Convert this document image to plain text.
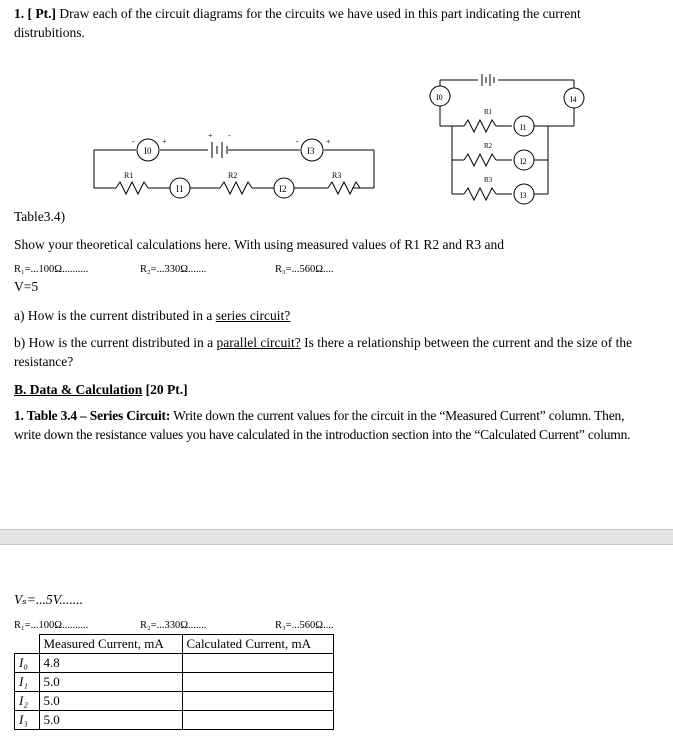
1. [ Pt.] Draw each of the circuit diagrams for the circuits we have used in this part indicating the current distrubitions.
I0	I3
-	+
+ -
-	+
R1
I1
R2
I2
R3
I0	I4
R1
I1
R2
I2
R3
I3
Table3.4)
Show your theoretical calculations here. With using measured values of R1 R2 and R3 and
R₁=...100Ω..........	R₂=...330Ω.......	R₃=...560Ω....
V=5
a) How is the current distributed in a series circuit?
b) How is the current distributed in a parallel circuit? Is there a relationship between the current and the size of the resistance?
B. Data & Calculation [20 Pt.]
1. Table 3.4 – Series Circuit: Write down the current values for the circuit in the “Measured Current” column. Then, write down the resistance values you have calculated in the introduction section into the “Calculated Current” column.
Vₛ=...5V.......
R₁=...100Ω..........	R₂=...330Ω.......	R₃=...560Ω....
	Measured Current, mA	Calculated Current, mA
I₀	4.8	
I₁	5.0	
I₂	5.0	
I₃	5.0	
